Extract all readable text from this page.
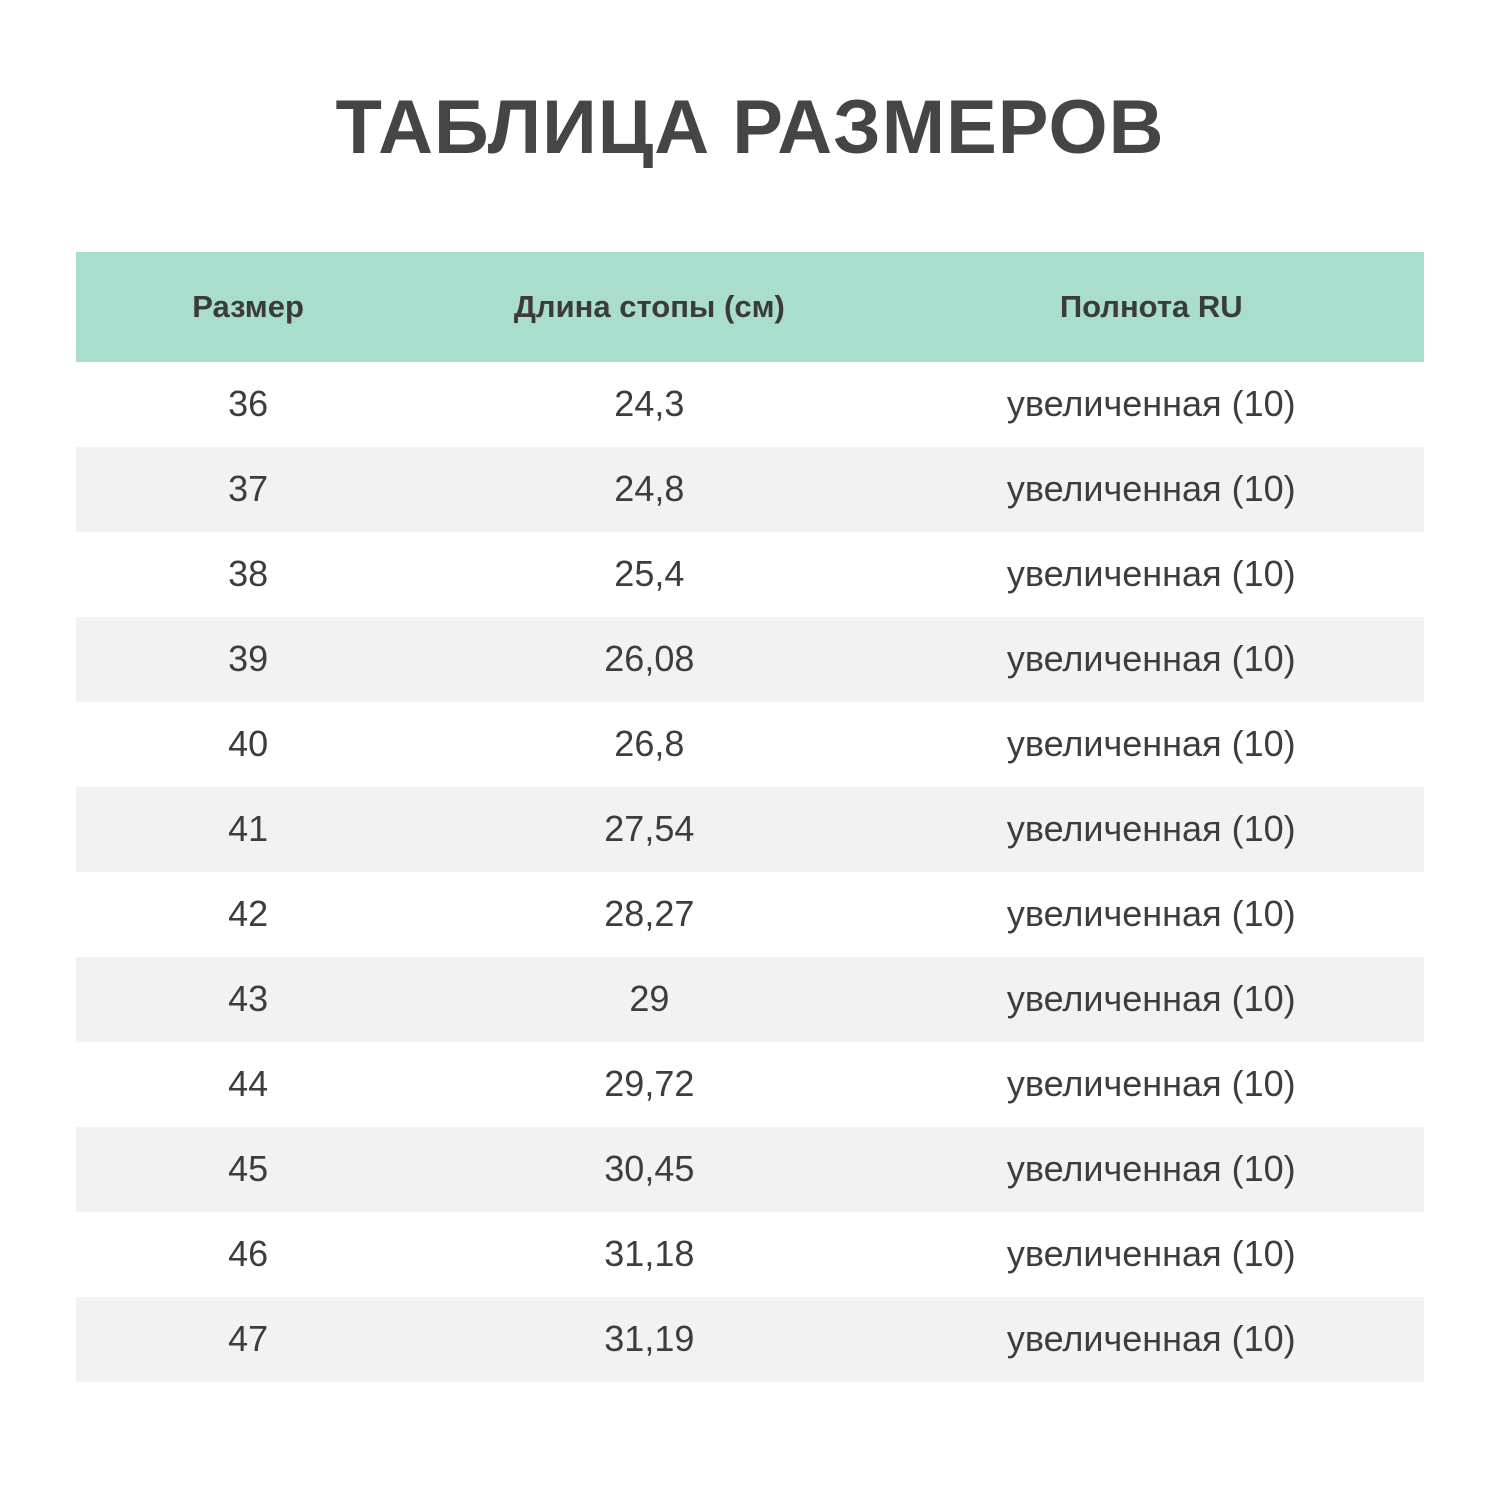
ТАБЛИЦА РАЗМЕРОВ
Размер	Длина стопы (см)	Полнота RU
36	24,3	увеличенная (10)
37	24,8	увеличенная (10)
38	25,4	увеличенная (10)
39	26,08	увеличенная (10)
40	26,8	увеличенная (10)
41	27,54	увеличенная (10)
42	28,27	увеличенная (10)
43	29	увеличенная (10)
44	29,72	увеличенная (10)
45	30,45	увеличенная (10)
46	31,18	увеличенная (10)
47	31,19	увеличенная (10)
